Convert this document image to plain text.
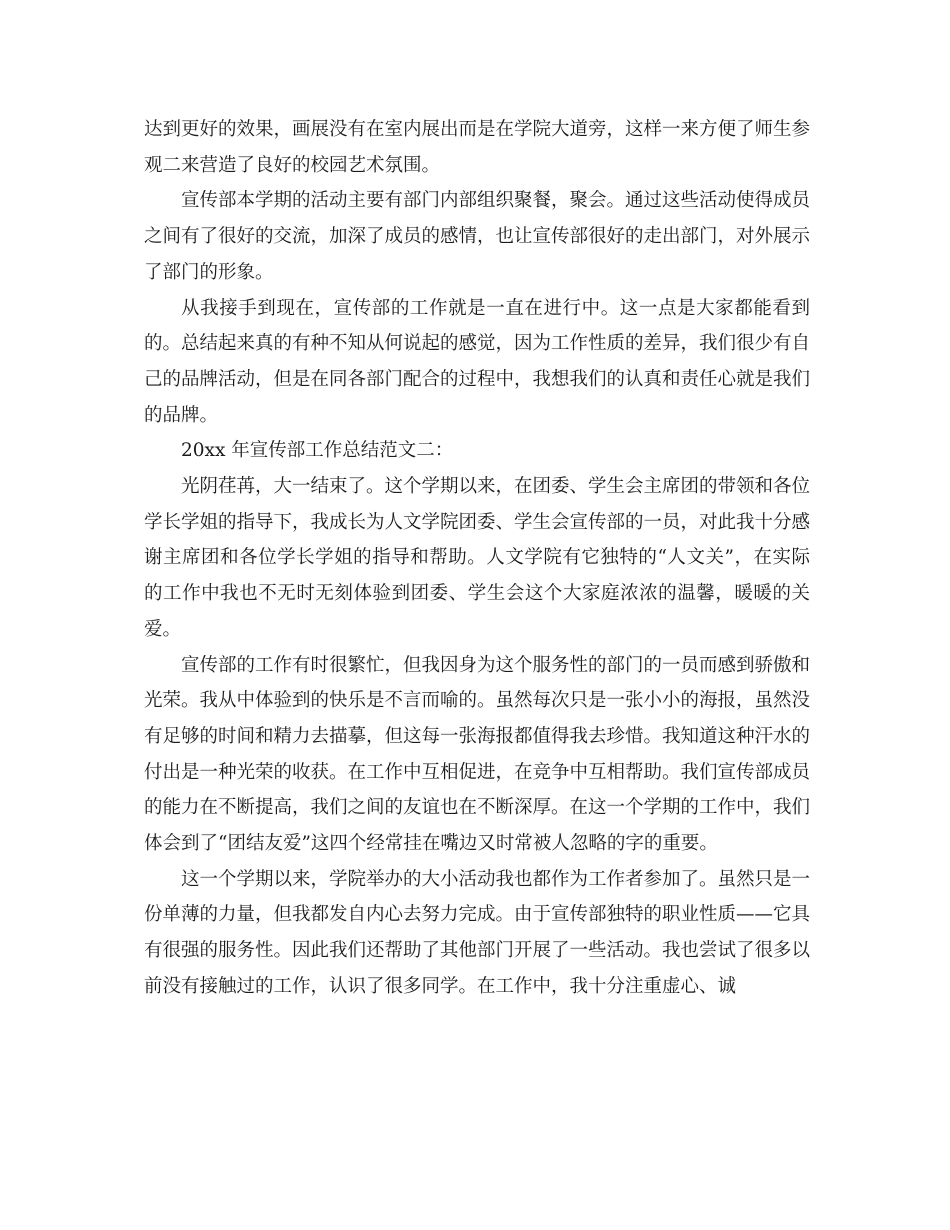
达到更好的效果，画展没有在室内展出而是在学院大道旁，这样一来方便了师生参观二来营造了良好的校园艺术氛围。

宣传部本学期的活动主要有部门内部组织聚餐，聚会。通过这些活动使得成员之间有了很好的交流，加深了成员的感情，也让宣传部很好的走出部门，对外展示了部门的形象。

从我接手到现在，宣传部的工作就是一直在进行中。这一点是大家都能看到的。总结起来真的有种不知从何说起的感觉，因为工作性质的差异，我们很少有自己的品牌活动，但是在同各部门配合的过程中，我想我们的认真和责任心就是我们的品牌。

20xx 年宣传部工作总结范文二：

光阴荏苒，大一结束了。这个学期以来，在团委、学生会主席团的带领和各位学长学姐的指导下，我成长为人文学院团委、学生会宣传部的一员，对此我十分感谢主席团和各位学长学姐的指导和帮助。人文学院有它独特的“人文关”，在实际的工作中我也不无时无刻体验到团委、学生会这个大家庭浓浓的温馨，暖暖的关爱。

宣传部的工作有时很繁忙，但我因身为这个服务性的部门的一员而感到骄傲和光荣。我从中体验到的快乐是不言而喻的。虽然每次只是一张小小的海报，虽然没有足够的时间和精力去描摹，但这每一张海报都值得我去珍惜。我知道这种汗水的付出是一种光荣的收获。在工作中互相促进，在竞争中互相帮助。我们宣传部成员的能力在不断提高，我们之间的友谊也在不断深厚。在这一个学期的工作中，我们体会到了“团结友爱”这四个经常挂在嘴边又时常被人忽略的字的重要。

这一个学期以来，学院举办的大小活动我也都作为工作者参加了。虽然只是一份单薄的力量，但我都发自内心去努力完成。由于宣传部独特的职业性质——它具有很强的服务性。因此我们还帮助了其他部门开展了一些活动。我也尝试了很多以前没有接触过的工作，认识了很多同学。在工作中，我十分注重虚心、诚
